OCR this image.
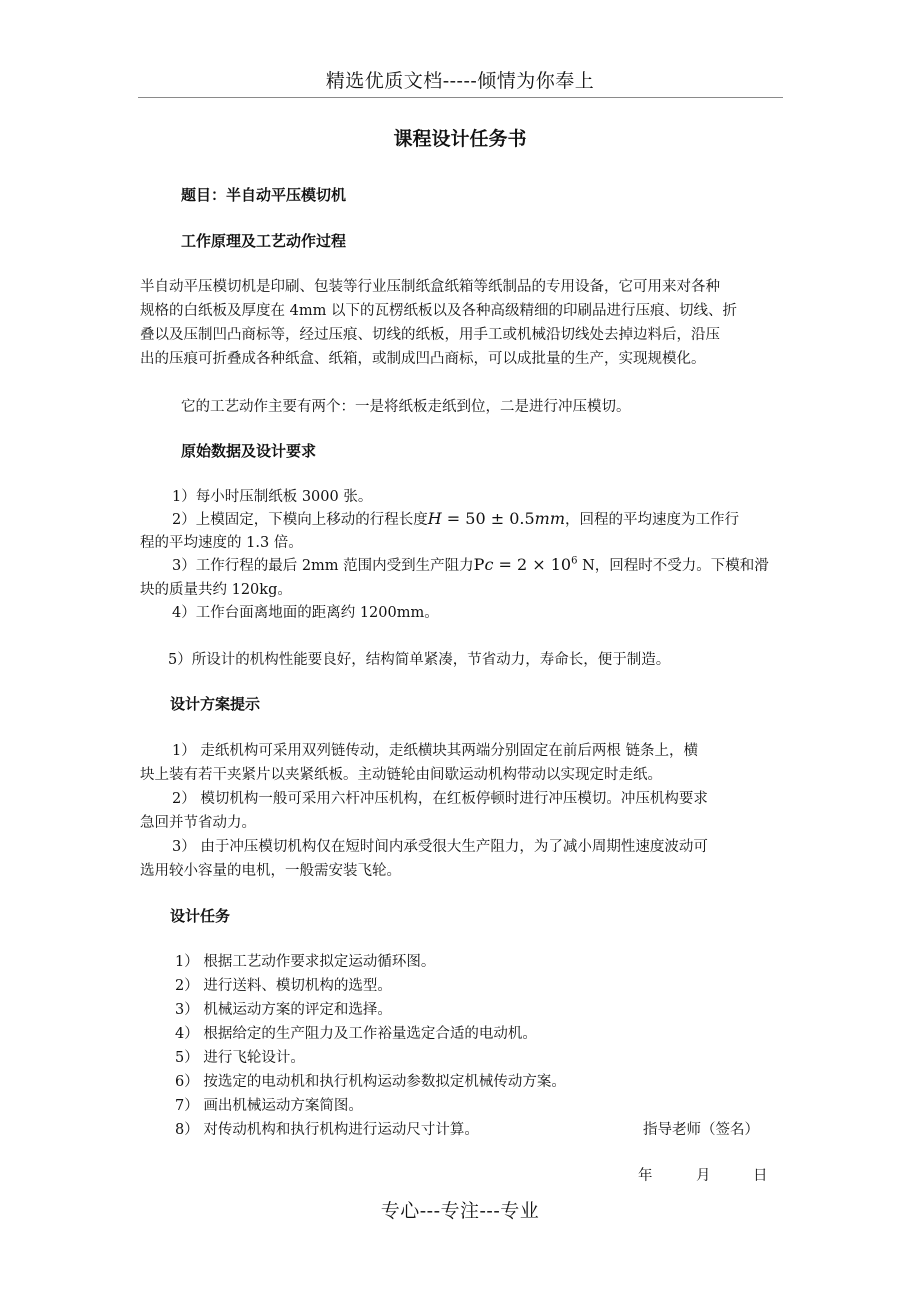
精选优质文档-----倾情为你奉上
课程设计任务书
题目：半自动平压模切机
工作原理及工艺动作过程
半自动平压模切机是印刷、包装等行业压制纸盒纸箱等纸制品的专用设备，它可用来对各种
规格的白纸板及厚度在 4mm 以下的瓦楞纸板以及各种高级精细的印刷品进行压痕、切线、折
叠以及压制凹凸商标等，经过压痕、切线的纸板，用手工或机械沿切线处去掉边料后，沿压
出的压痕可折叠成各种纸盒、纸箱，或制成凹凸商标，可以成批量的生产，实现规模化。
它的工艺动作主要有两个：一是将纸板走纸到位，二是进行冲压模切。
原始数据及设计要求
1）每小时压制纸板 3000 张。
2）上模固定，下模向上移动的行程长度H = 50 ± 0.5mm，回程的平均速度为工作行
程的平均速度的 1.3 倍。
3）工作行程的最后 2mm 范围内受到生产阻力$Pc = 2 \times 10^6$ N，回程时不受力。下模和滑
块的质量共约 120kg。
4）工作台面离地面的距离约 1200mm。
5）所设计的机构性能要良好，结构简单紧凑，节省动力，寿命长，便于制造。
设计方案提示
1） 走纸机构可采用双列链传动，走纸横块其两端分别固定在前后两根 链条上，横
块上装有若干夹紧片以夹紧纸板。主动链轮由间歇运动机构带动以实现定时走纸。
2） 模切机构一般可采用六杆冲压机构，在红板停顿时进行冲压模切。冲压机构要求
急回并节省动力。
3） 由于冲压模切机构仅在短时间内承受很大生产阻力，为了减小周期性速度波动可
选用较小容量的电机，一般需安装飞轮。
设计任务
1） 根据工艺动作要求拟定运动循环图。
2） 进行送料、模切机构的选型。
3） 机械运动方案的评定和选择。
4） 根据给定的生产阻力及工作裕量选定合适的电动机。
5） 进行飞轮设计。
6） 按选定的电动机和执行机构运动参数拟定机械传动方案。
7） 画出机械运动方案简图。
8） 对传动机构和执行机构进行运动尺寸计算。	指导老师（签名）
年	月	日
专心---专注---专业
